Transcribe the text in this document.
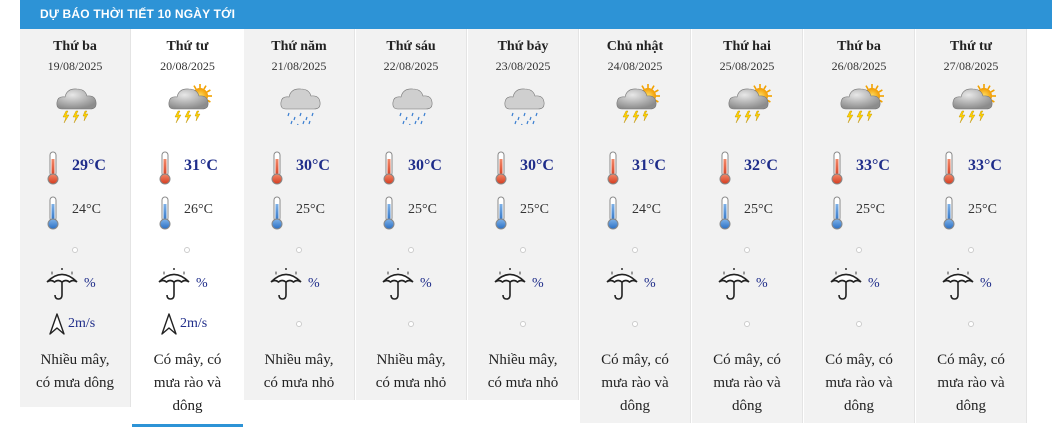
DỰ BÁO THỜI TIẾT 10 NGÀY TỚI
Thứ ba
19/08/2025
29°C
24°C
%
2m/s
Nhiều mây,
có mưa dông
Thứ tư
20/08/2025
31°C
26°C
%
2m/s
Có mây, có
mưa rào và
dông
Thứ năm
21/08/2025
30°C
25°C
%
Nhiều mây,
có mưa nhỏ
Thứ sáu
22/08/2025
30°C
25°C
%
Nhiều mây,
có mưa nhỏ
Thứ bảy
23/08/2025
30°C
25°C
%
Nhiều mây,
có mưa nhỏ
Chủ nhật
24/08/2025
31°C
24°C
%
Có mây, có
mưa rào và
dông
Thứ hai
25/08/2025
32°C
25°C
%
Có mây, có
mưa rào và
dông
Thứ ba
26/08/2025
33°C
25°C
%
Có mây, có
mưa rào và
dông
Thứ tư
27/08/2025
33°C
25°C
%
Có mây, có
mưa rào và
dông
